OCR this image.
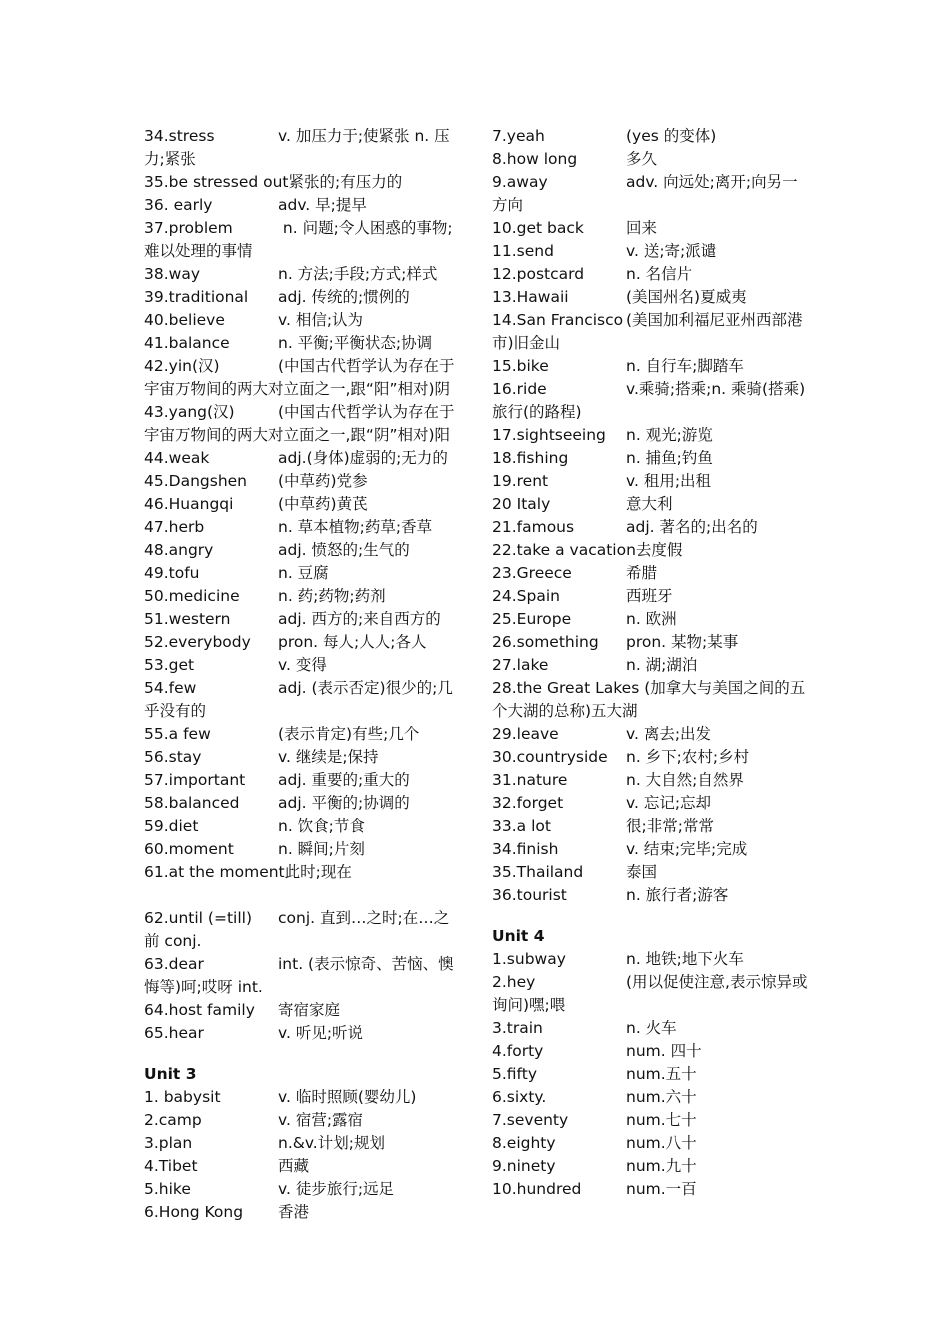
34.stress	v. 加压力于;使紧张 n. 压力;紧张
35.be stressed out紧张的;有压力的
36. early	adv. 早;提早
37.problem	n. 问题;令人困惑的事物;难以处理的事情
38.way	n. 方法;手段;方式;样式
39.traditional adj. 传统的;惯例的
40.believe	v. 相信;认为
41.balance	n. 平衡;平衡状态;协调
42.yin(汉)	(中国古代哲学认为存在于宇宙万物间的两大对立面之一,跟“阳”相对)阴
43.yang(汉)	(中国古代哲学认为存在于宇宙万物间的两大对立面之一,跟“阴”相对)阳
44.weak	adj.(身体)虚弱的;无力的
45.Dangshen (中草药)党参
46.Huangqi	(中草药)黄芪
47.herb	n. 草本植物;药草;香草
48.angry	adj. 愤怒的;生气的
49.tofu	n. 豆腐
50.medicine n. 药;药物;药剂
51.western	adj. 西方的;来自西方的
52.everybody pron. 每人;人人;各人
53.get	v. 变得
54.few	adj. (表示否定)很少的;几乎没有的
55.a few	(表示肯定)有些;几个
56.stay	v. 继续是;保持
57.important adj. 重要的;重大的
58.balanced adj. 平衡的;协调的
59.diet	n. 饮食;节食
60.moment	n. 瞬间;片刻
61.at the moment此时;现在

62.until (=till) conj. 直到…之时;在…之前 conj.
63.dear	int. (表示惊奇、苦恼、懊悔等)呵;哎呀 int.
64.host family 寄宿家庭
65.hear	v. 听见;听说
Unit 3
1. babysit	v. 临时照顾(婴幼儿)
2.camp	v. 宿营;露宿
3.plan	n.&v.计划;规划
4.Tibet	西藏
5.hike	v. 徒步旅行;远足
6.Hong Kong 香港
7.yeah	(yes 的变体)
8.how long	多久
9.away	adv. 向远处;离开;向另一方向
10.get back	回来
11.send	v. 送;寄;派谴
12.postcard	n. 名信片
13.Hawaii	(美国州名)夏威夷
14.San Francisco (美国加利福尼亚州西部港市)旧金山
15.bike	n. 自行车;脚踏车
16.ride	v.乘骑;搭乘;n. 乘骑(搭乘)旅行(的路程)
17.sightseeing n. 观光;游览
18.fishing	n. 捕鱼;钓鱼
19.rent	v. 租用;出租
20 Italy	意大利
21.famous	adj. 著名的;出名的
22.take a vacation去度假
23.Greece	希腊
24.Spain	西班牙
25.Europe	n. 欧洲
26.something pron. 某物;某事
27.lake	n. 湖;湖泊
28.the Great Lakes (加拿大与美国之间的五个大湖的总称)五大湖
29.leave	v. 离去;出发
30.countryside n. 乡下;农村;乡村
31.nature	n. 大自然;自然界
32.forget	v. 忘记;忘却
33.a lot	很;非常;常常
34.finish	v. 结束;完毕;完成
35.Thailand	泰国
36.tourist	n. 旅行者;游客
Unit 4
1.subway	n. 地铁;地下火车
2.hey	(用以促使注意,表示惊异或询问)嘿;喂
3.train	n. 火车
4.forty	num. 四十
5.fifty	num.五十
6.sixty.	num.六十
7.seventy	num.七十
8.eighty	num.八十
9.ninety	num.九十
10.hundred	num.一百
